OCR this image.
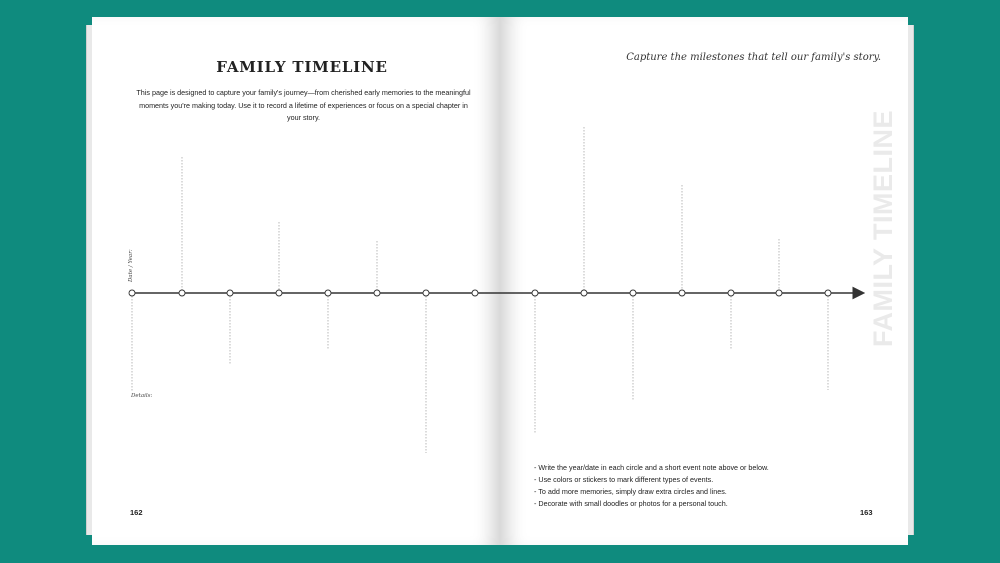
FAMILY TIMELINE
This page is designed to capture your family's journey—from cherished early memories to the meaningful moments you're making today. Use it to record a lifetime of experiences or focus on a special chapter in your story.
Date / Year:
Details:
162
Capture the milestones that tell our family's story.
163
FAMILY TIMELINE
- Write the year/date in each circle and a short event note above or below.
- Use colors or stickers to mark different types of events.
- To add more memories, simply draw extra circles and lines.
- Decorate with small doodles or photos for a personal touch.
